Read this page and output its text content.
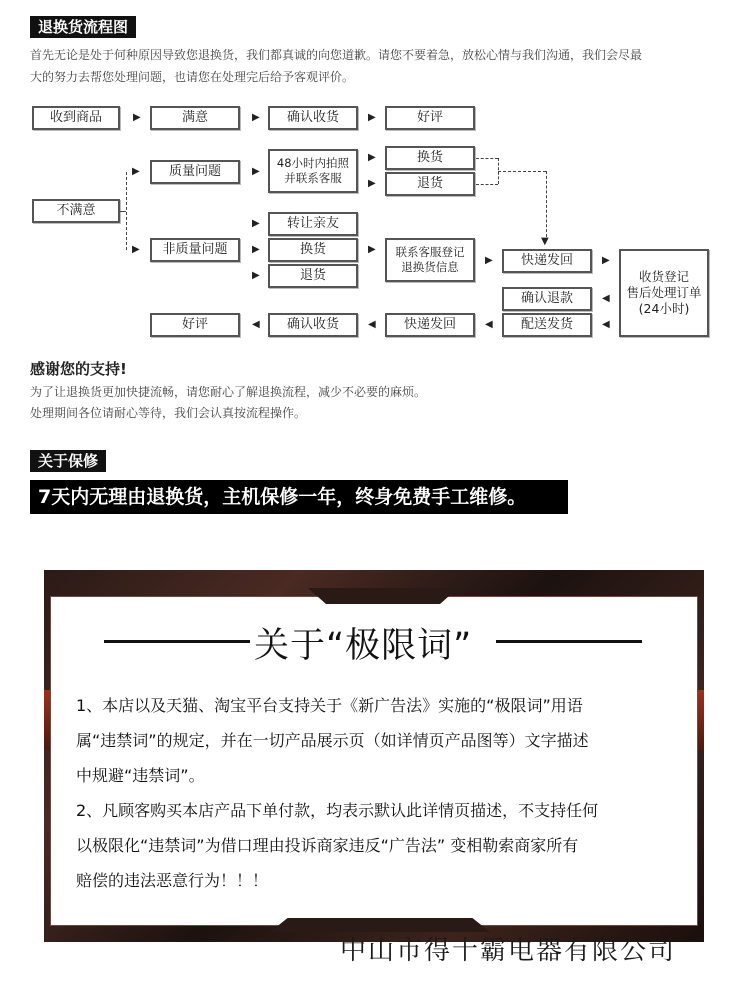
退换货流程图
首先无论是处于何种原因导致您退换货，我们都真诚的向您道歉。请您不要着急，放松心情与我们沟通，我们会尽最
大的努力去帮您处理问题，也请您在处理完后给予客观评价。
收到商品	▶	满意	▶	确认收货	▶	好评
不满意
▶
▶
质量问题	▶
48小时内拍照
并联系客服
▶
▶
换货
退货
▼
转让亲友
▶
非质量问题	▶	换货
▶	退货
▶ 联系客服登记
退换货信息	▶	快递发回	▶
收货登记
售后处理订单
(24小时)
◀
确认退款
◀
配送发货
◀
快递发回
◀
确认收货
◀
好评
感谢您的支持!
为了让退换货更加快捷流畅，请您耐心了解退换流程，减少不必要的麻烦。
处理期间各位请耐心等待，我们会认真按流程操作。
关于保修
7天内无理由退换货，主机保修一年，终身免费手工维修。
关于“极限词”

1、本店以及天猫、淘宝平台支持关于《新广告法》实施的“极限词”用语

属“违禁词”的规定，并在一切产品展示页（如详情页产品图等）文字描述

中规避“违禁词”。

2、凡顾客购买本店产品下单付款，均表示默认此详情页描述，不支持任何

以极限化“违禁词”为借口理由投诉商家违反“广告法” 变相勒索商家所有

赔偿的违法恶意行为！！！

中山市得十霸电器有限公司
